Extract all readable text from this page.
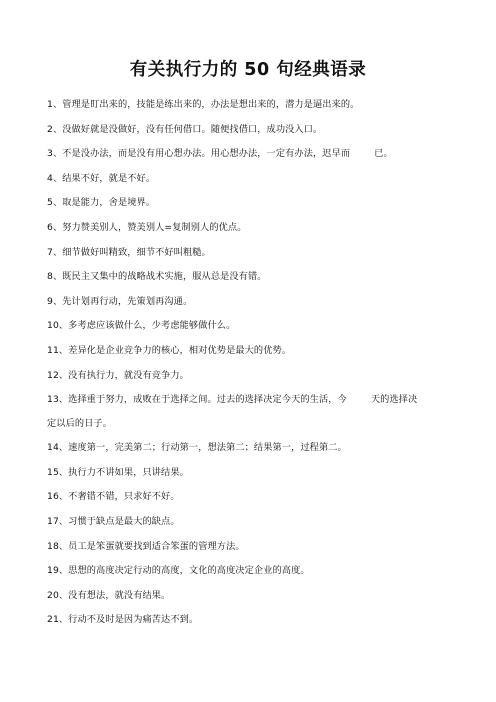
有关执行力的 50 句经典语录
1、管理是盯出来的，技能是练出来的，办法是想出来的，潜力是逼出来的。
2、没做好就是没做好，没有任何借口。随便找借口，成功没入口。
3、不是没办法，而是没有用心想办法。用心想办法，一定有办法，迟早而	已。
4、结果不好，就是不好。
5、取是能力，舍是境界。
6、努力赞美别人，赞美别人=复制别人的优点。
7、细节做好叫精致，细节不好叫粗糙。
8、既民主又集中的战略战术实施，服从总是没有错。
9、先计划再行动，先策划再沟通。
10、多考虑应该做什么，少考虑能够做什么。
11、差异化是企业竞争力的核心，相对优势是最大的优势。
12、没有执行力，就没有竞争力。
13、选择重于努力，成败在于选择之间。过去的选择决定今天的生活，今	天的选择决
定以后的日子。
14、速度第一，完美第二；行动第一，想法第二；结果第一，过程第二。
15、执行力不讲如果，只讲结果。
16、不奢错不错，只求好不好。
17、习惯于缺点是最大的缺点。
18、员工是笨蛋就要找到适合笨蛋的管理方法。
19、思想的高度决定行动的高度，文化的高度决定企业的高度。
20、没有想法，就没有结果。
21、行动不及时是因为痛苦达不到。
